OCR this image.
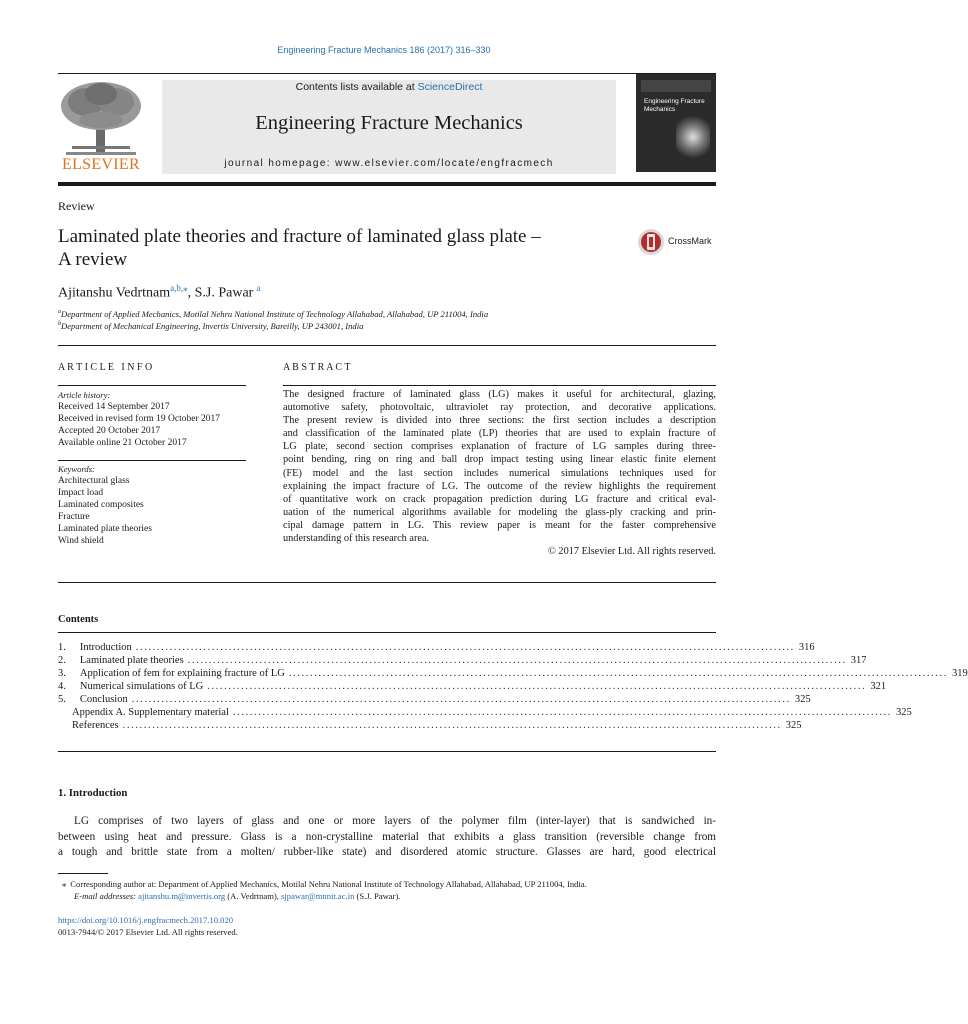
Engineering Fracture Mechanics 186 (2017) 316–330
ELSEVIER
Contents lists available at ScienceDirect
Engineering Fracture Mechanics
journal homepage: www.elsevier.com/locate/engfracmech
Engineering Fracture Mechanics
Review
Laminated plate theories and fracture of laminated glass plate –
A review
CrossMark
Ajitanshu Vedrtnam$^{a,b,⁎}$, S.J. Pawar $^a$
$^a$Department of Applied Mechanics, Motilal Nehru National Institute of Technology Allahabad, Allahabad, UP 211004, India
$^b$Department of Mechanical Engineering, Invertis University, Bareilly, UP 243001, India
A R T I C L E   I N F O
Article history:
Received 14 September 2017
Received in revised form 19 October 2017
Accepted 20 October 2017
Available online 21 October 2017
Keywords:
Architectural glass
Impact load
Laminated composites
Fracture
Laminated plate theories
Wind shield
A B S T R A C T
The designed fracture of laminated glass (LG) makes it useful for architectural, glazing,
automotive safety, photovoltaic, ultraviolet ray protection, and decorative applications.
The present review is divided into three sections: the first section includes a description
and classification of the laminated plate (LP) theories that are used to explain fracture of
LG plate, second section comprises explanation of fracture of LG samples during three-
point bending, ring on ring and ball drop impact testing using linear elastic finite element
(FE) model and the last section includes numerical simulations techniques used for
explaining the impact fracture of LG. The outcome of the review highlights the requirement
of quantitative work on crack propagation prediction during LG fracture and critical eval-
uation of the numerical algorithms available for modeling the glass-ply cracking and prin-
cipal damage pattern in LG. This review paper is meant for the faster comprehensive
understanding of this research area.
© 2017 Elsevier Ltd. All rights reserved.
Contents
1. Introduction ............................................................................................................................................................ 316
2. Laminated plate theories ............................................................................................................................................................ 317
3. Application of fem for explaining fracture of LG ............................................................................................................................................................ 319
4. Numerical simulations of LG ............................................................................................................................................................ 321
5. Conclusion ............................................................................................................................................................ 325
Appendix A. Supplementary material ............................................................................................................................................................ 325
References ............................................................................................................................................................ 325
1. Introduction
LG comprises of two layers of glass and one or more layers of the polymer film (inter-layer) that is sandwiched in-
between using heat and pressure. Glass is a non-crystalline material that exhibits a glass transition (reversible change from
a tough and brittle state from a molten/ rubber-like state) and disordered atomic structure. Glasses are hard, good electrical
⁎ Corresponding author at: Department of Applied Mechanics, Motilal Nehru National Institute of Technology Allahabad, Allahabad, UP 211004, India.
E-mail addresses: ajitanshu.m@invertis.org (A. Vedrtnam), sjpawar@mnnit.ac.in (S.J. Pawar).
https://doi.org/10.1016/j.engfracmech.2017.10.020
0013-7944/© 2017 Elsevier Ltd. All rights reserved.
